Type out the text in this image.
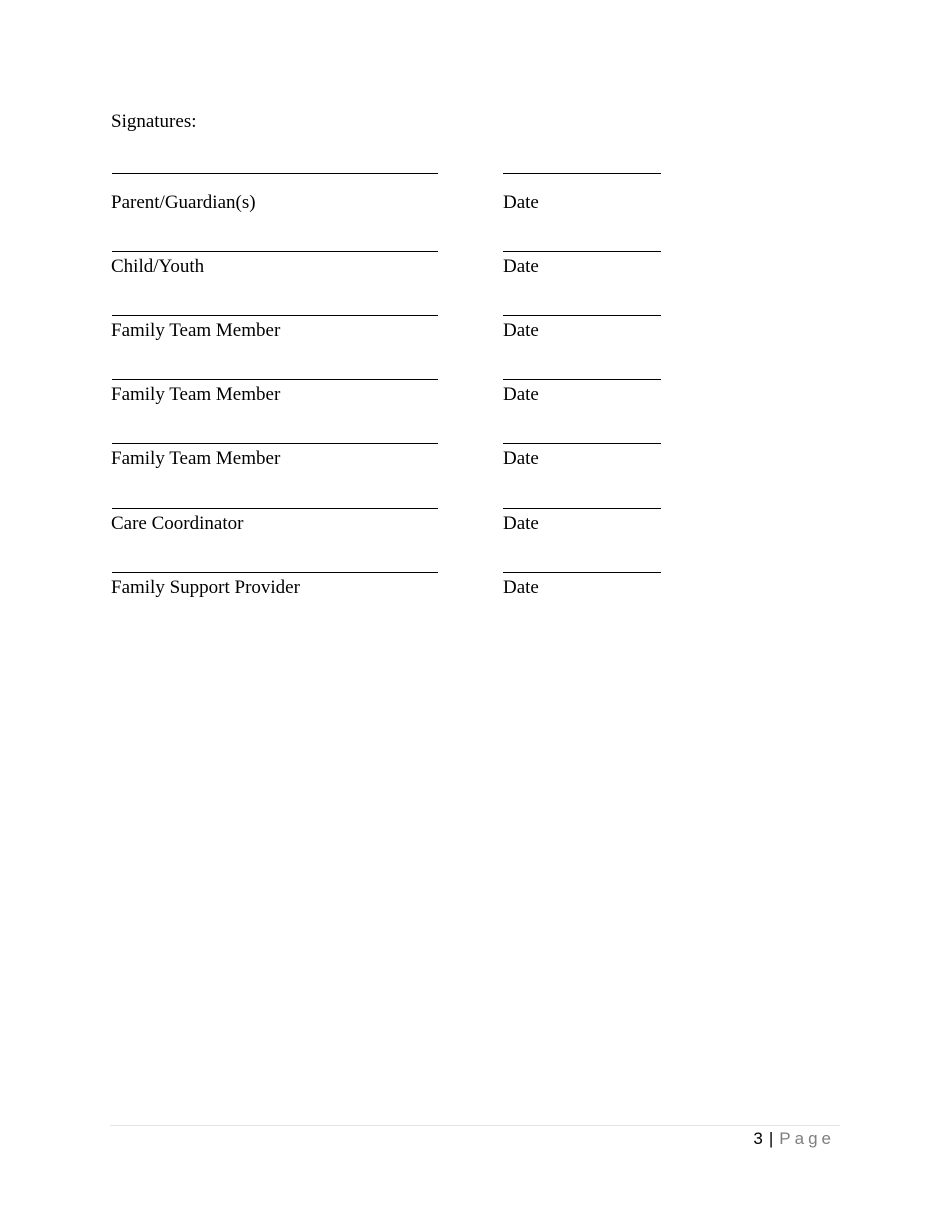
Signatures:
Parent/Guardian(s)	Date
Child/Youth	Date
Family Team Member	Date
Family Team Member	Date
Family Team Member	Date
Care Coordinator	Date
Family Support Provider	Date
3 | Page
